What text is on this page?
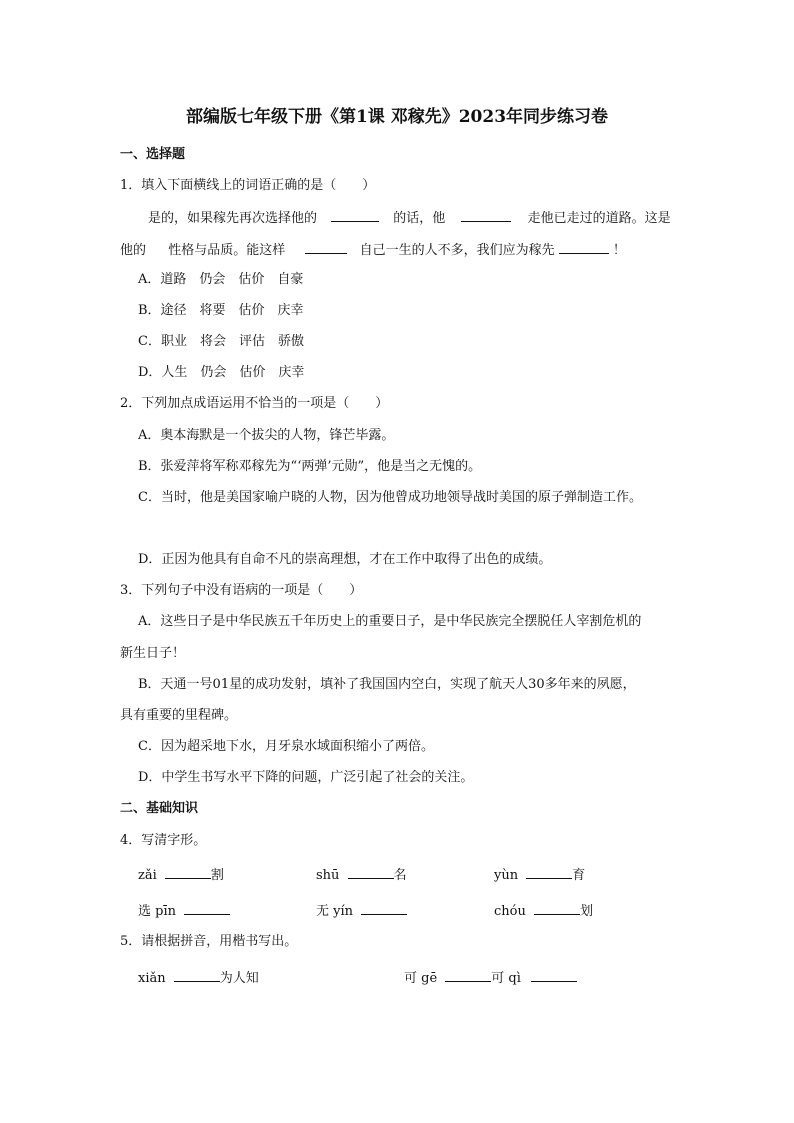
部编版七年级下册《第1课 邓稼先》2023年同步练习卷
一、选择题
1．填入下面横线上的词语正确的是（　　）
是的，如果稼先再次选择他的	的话，他	走他已走过的道路。这是
他的 性格与品质。能这样	自己一生的人不多，我们应为稼先	！
A．道路　仍会　估价　自豪
B．途径　将要　估价　庆幸
C．职业　将会　评估　骄傲
D．人生　仍会　估价　庆幸
2．下列加点成语运用不恰当的一项是（　　）
A．奥本海默是一个拔尖的人物，锋芒毕露。
B．张爱萍将军称邓稼先为“‘两弹’元勋”，他是当之无愧的。
C．当时，他是美国家喻户晓的人物，因为他曾成功地领导战时美国的原子弹制造工作。
D．正因为他具有自命不凡的崇高理想，才在工作中取得了出色的成绩。
3．下列句子中没有语病的一项是（　　）
A．这些日子是中华民族五千年历史上的重要日子，是中华民族完全摆脱任人宰割危机的
新生日子！
B．天通一号01星的成功发射，填补了我国国内空白，实现了航天人30多年来的夙愿，
具有重要的里程碑。
C．因为超采地下水，月牙泉水域面积缩小了两倍。
D．中学生书写水平下降的问题，广泛引起了社会的关注。
二、基础知识
4．写清字形。
zǎi	割	shū	名	yùn	育
选 pīn	无 yín	chóu	划
5．请根据拼音，用楷书写出。
xiǎn	为人知	可 gē	可 qì
